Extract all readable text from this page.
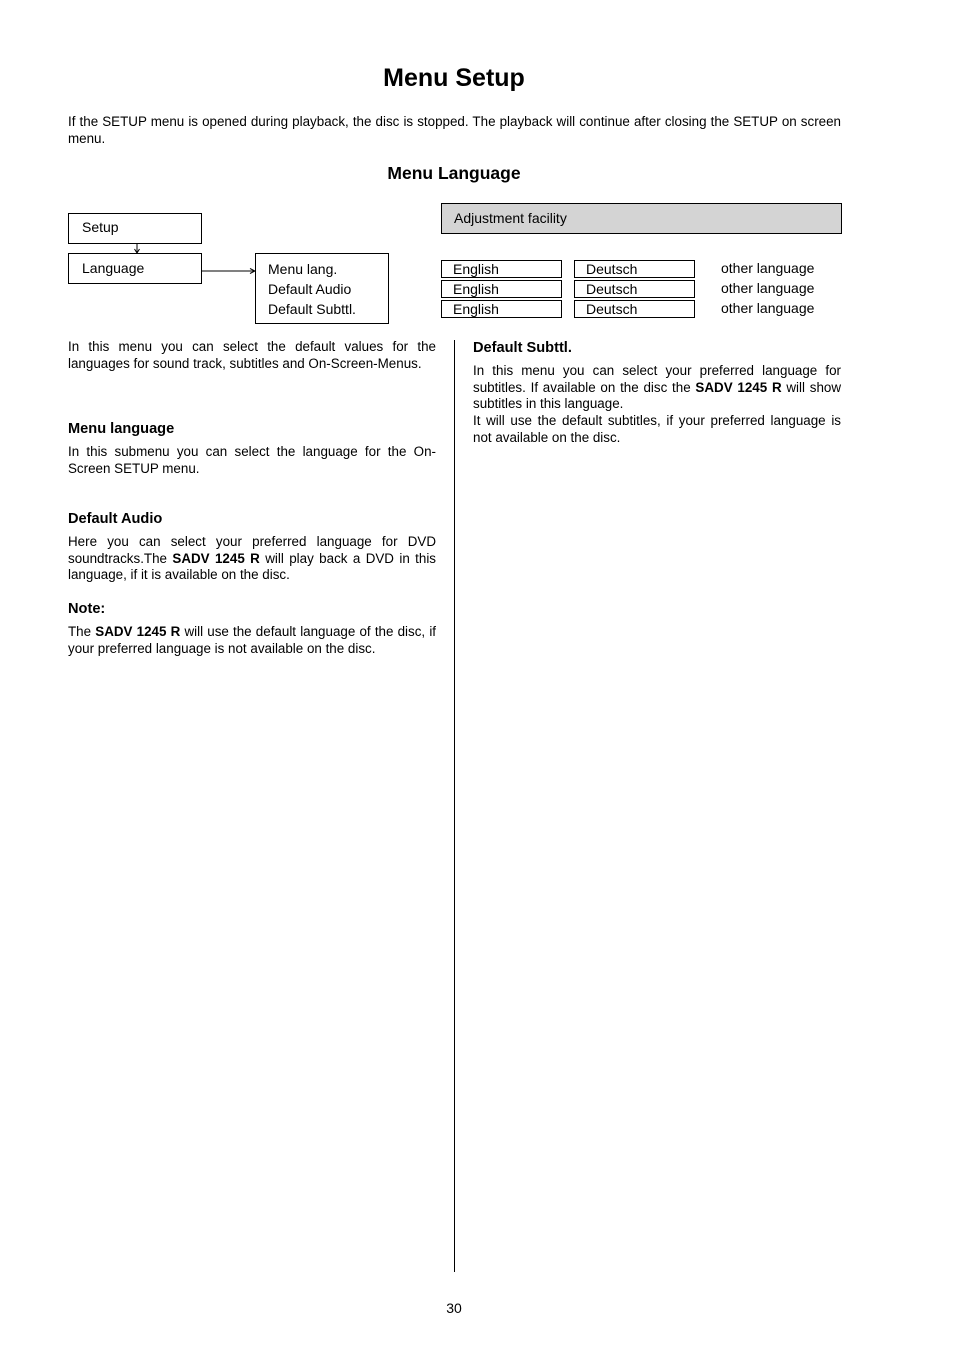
Menu Setup

If the SETUP menu is opened during playback, the disc is stopped. The playback will continue after closing the SETUP on screen menu.

Menu Language
Setup
Language	Menu lang.
Default Audio
Default Subttl.
Adjustment facility
English	Deutsch	other language
English	Deutsch	other language
English	Deutsch	other language

In this menu you can select the default values for the languages for sound track, subtitles and On-Screen-Menus.

Menu language

In this submenu you can select the language for the On-Screen SETUP menu.

Default Audio

Here you can select your preferred language for DVD soundtracks.The SADV 1245 R will play back a DVD in this language, if it is available on the disc.

Note:

The SADV 1245 R will use the default language of the disc, if your preferred language is not available on the disc.

Default Subttl.

In this menu you can select your preferred language for subtitles. If available on the disc the SADV 1245 R will show subtitles in this language.

It will use the default subtitles, if your preferred language is not available on the disc.

30
